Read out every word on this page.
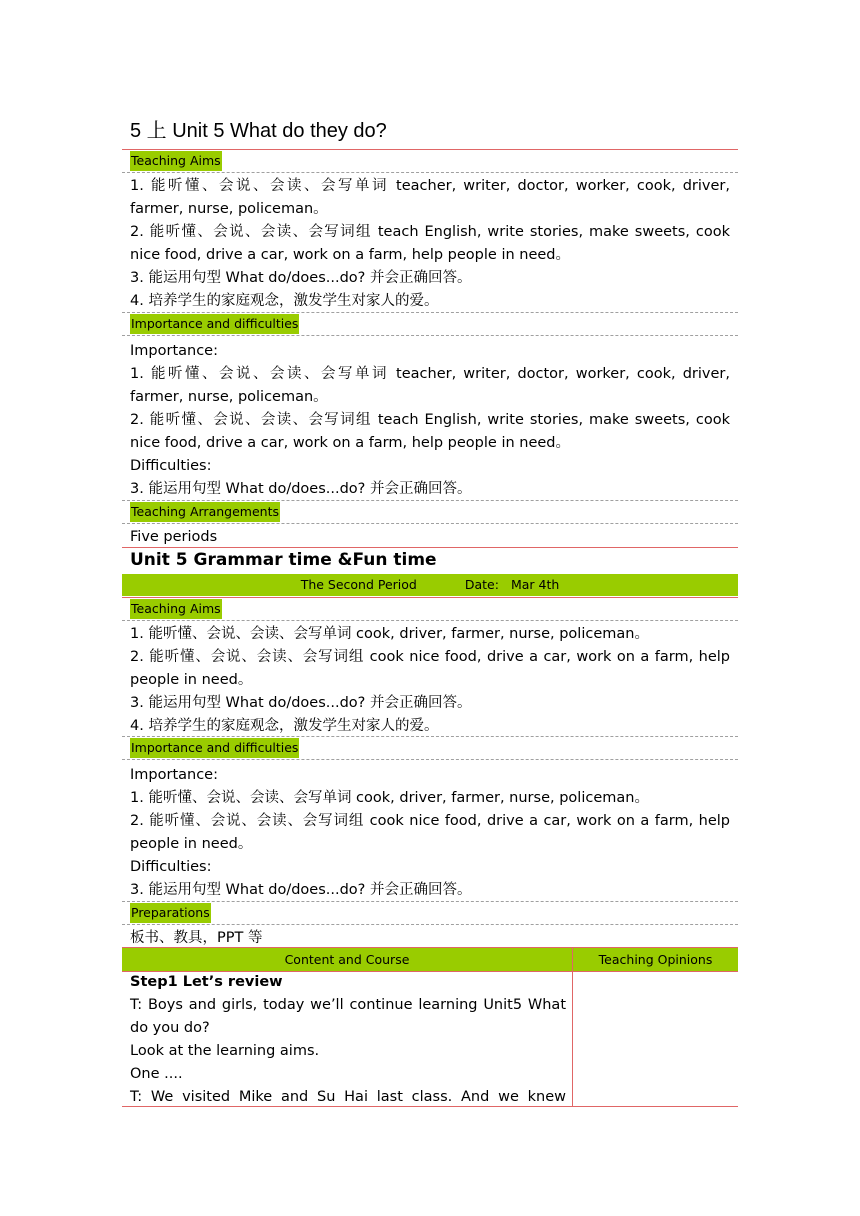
5 上 Unit 5 What do they do?
Teaching Aims
1. 能听懂、会说、会读、会写单词 teacher, writer, doctor, worker, cook, driver, farmer, nurse, policeman。
2. 能听懂、会说、会读、会写词组 teach English, write stories, make sweets, cook nice food, drive a car, work on a farm, help people in need。
3. 能运用句型 What do/does...do? 并会正确回答。
4. 培养学生的家庭观念，激发学生对家人的爱。
Importance and difficulties
Importance:
1. 能听懂、会说、会读、会写单词 teacher, writer, doctor, worker, cook, driver, farmer, nurse, policeman。
2. 能听懂、会说、会读、会写词组 teach English, write stories, make sweets, cook nice food, drive a car, work on a farm, help people in need。
Difficulties:
3. 能运用句型 What do/does...do? 并会正确回答。
Teaching Arrangements
Five periods
Unit 5 Grammar time &Fun time
The Second Period	Date: Mar 4th
Teaching Aims
1. 能听懂、会说、会读、会写单词 cook, driver, farmer, nurse, policeman。
2. 能听懂、会说、会读、会写词组 cook nice food, drive a car, work on a farm, help people in need。
3. 能运用句型 What do/does...do? 并会正确回答。
4. 培养学生的家庭观念，激发学生对家人的爱。
Importance and difficulties
Importance:
1. 能听懂、会说、会读、会写单词 cook, driver, farmer, nurse, policeman。
2. 能听懂、会说、会读、会写词组 cook nice food, drive a car, work on a farm, help people in need。
Difficulties:
3. 能运用句型 What do/does...do? 并会正确回答。
Preparations
板书、教具，PPT 等
Content and Course	Teaching Opinions
Step1 Let’s review
T: Boys and girls, today we’ll continue learning Unit5 What do you do?
Look at the learning aims.
One ....
T: We visited Mike and Su Hai last class. And we knew
